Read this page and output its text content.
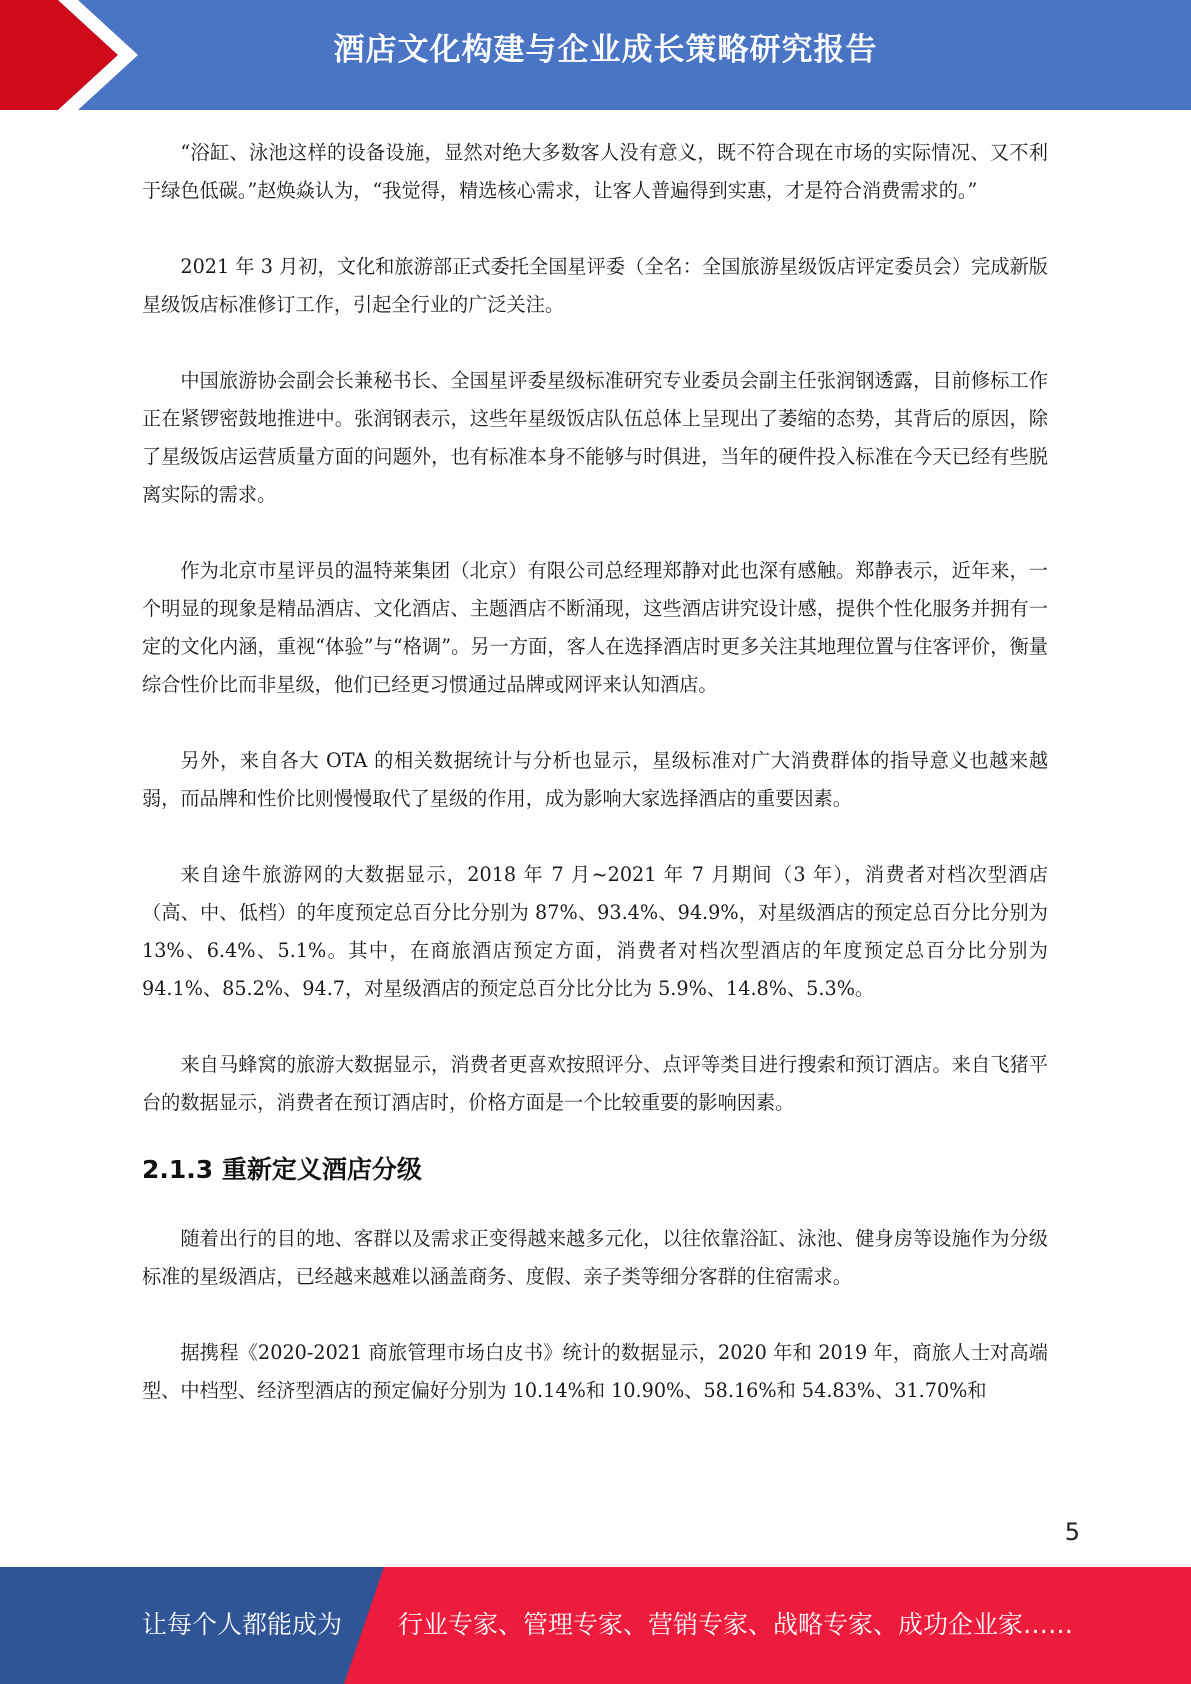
酒店文化构建与企业成长策略研究报告

“浴缸、泳池这样的设备设施，显然对绝大多数客人没有意义，既不符合现在市场的实际情况、又不利于绿色低碳。”赵焕焱认为，“我觉得，精选核心需求，让客人普遍得到实惠，才是符合消费需求的。”

2021 年 3 月初，文化和旅游部正式委托全国星评委（全名：全国旅游星级饭店评定委员会）完成新版星级饭店标准修订工作，引起全行业的广泛关注。

中国旅游协会副会长兼秘书长、全国星评委星级标准研究专业委员会副主任张润钢透露，目前修标工作正在紧锣密鼓地推进中。张润钢表示，这些年星级饭店队伍总体上呈现出了萎缩的态势，其背后的原因，除了星级饭店运营质量方面的问题外，也有标准本身不能够与时俱进，当年的硬件投入标准在今天已经有些脱离实际的需求。

作为北京市星评员的温特莱集团（北京）有限公司总经理郑静对此也深有感触。郑静表示，近年来，一个明显的现象是精品酒店、文化酒店、主题酒店不断涌现，这些酒店讲究设计感，提供个性化服务并拥有一定的文化内涵，重视“体验”与“格调”。另一方面，客人在选择酒店时更多关注其地理位置与住客评价，衡量综合性价比而非星级，他们已经更习惯通过品牌或网评来认知酒店。

另外，来自各大 OTA 的相关数据统计与分析也显示，星级标准对广大消费群体的指导意义也越来越弱，而品牌和性价比则慢慢取代了星级的作用，成为影响大家选择酒店的重要因素。

来自途牛旅游网的大数据显示，2018 年 7 月~2021 年 7 月期间（3 年），消费者对档次型酒店（高、中、低档）的年度预定总百分比分别为 87%、93.4%、94.9%，对星级酒店的预定总百分比分别为 13%、6.4%、5.1%。其中，在商旅酒店预定方面，消费者对档次型酒店的年度预定总百分比分别为 94.1%、85.2%、94.7，对星级酒店的预定总百分比分比为 5.9%、14.8%、5.3%。

来自马蜂窝的旅游大数据显示，消费者更喜欢按照评分、点评等类目进行搜索和预订酒店。来自飞猪平台的数据显示，消费者在预订酒店时，价格方面是一个比较重要的影响因素。

2.1.3 重新定义酒店分级

随着出行的目的地、客群以及需求正变得越来越多元化，以往依靠浴缸、泳池、健身房等设施作为分级标准的星级酒店，已经越来越难以涵盖商务、度假、亲子类等细分客群的住宿需求。

据携程《2020-2021 商旅管理市场白皮书》统计的数据显示，2020 年和 2019 年，商旅人士对高端型、中档型、经济型酒店的预定偏好分别为 10.14%和 10.90%、58.16%和 54.83%、31.70%和

5
让每个人都能成为 行业专家、管理专家、营销专家、战略专家、成功企业家……
